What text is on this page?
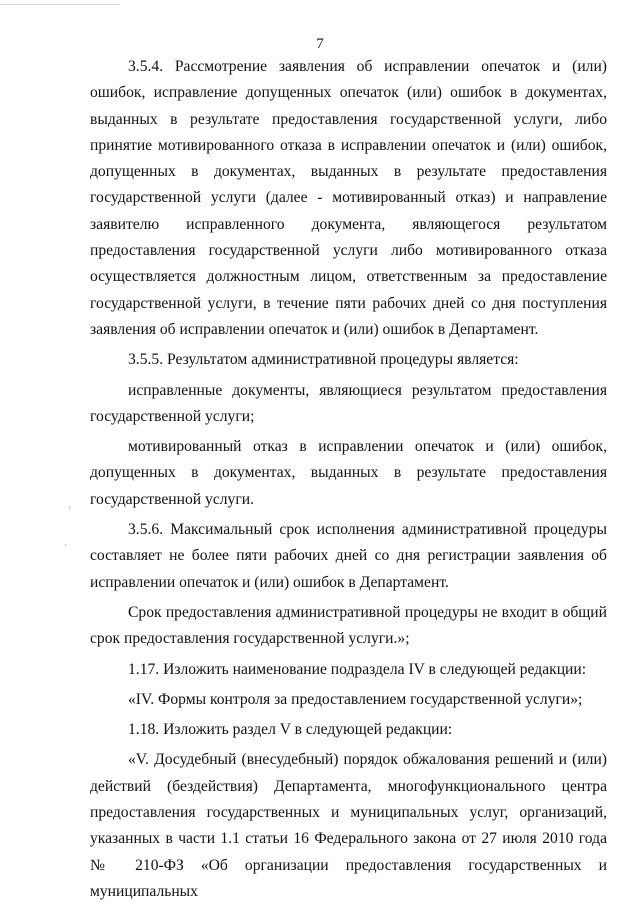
7

3.5.4. Рассмотрение заявления об исправлении опечаток и (или) ошибок, исправление допущенных опечаток (или) ошибок в документах, выданных в результате предоставления государственной услуги, либо принятие мотивированного отказа в исправлении опечаток и (или) ошибок, допущенных в документах, выданных в результате предоставления государственной услуги (далее - мотивированный отказ) и направление заявителю исправленного документа, являющегося результатом предоставления государственной услуги либо мотивированного отказа осуществляется должностным лицом, ответственным за предоставление государственной услуги, в течение пяти рабочих дней со дня поступления заявления об исправлении опечаток и (или) ошибок в Департамент.

3.5.5. Результатом административной процедуры является:

исправленные документы, являющиеся результатом предоставления государственной услуги;

мотивированный отказ в исправлении опечаток и (или) ошибок, допущенных в документах, выданных в результате предоставления государственной услуги.

3.5.6. Максимальный срок исполнения административной процедуры составляет не более пяти рабочих дней со дня регистрации заявления об исправлении опечаток и (или) ошибок в Департамент.

Срок предоставления административной процедуры не входит в общий срок предоставления государственной услуги.»;

1.17. Изложить наименование подраздела IV в следующей редакции:

«IV. Формы контроля за предоставлением государственной услуги»;

1.18. Изложить раздел V в следующей редакции:

«V. Досудебный (внесудебный) порядок обжалования решений и (или) действий (бездействия) Департамента, многофункционального центра предоставления государственных и муниципальных услуг, организаций, указанных в части 1.1 статьи 16 Федерального закона от 27 июля 2010 года № 210-ФЗ «Об организации предоставления государственных и муниципальных

'
·
